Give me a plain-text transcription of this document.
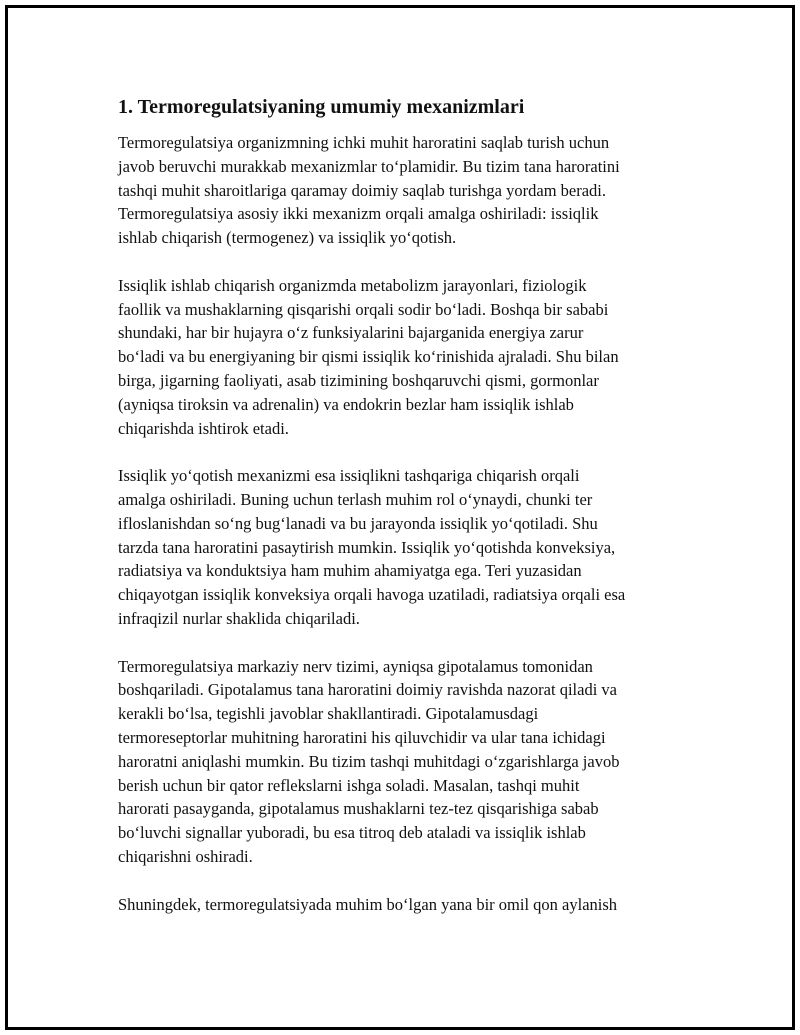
1. Termoregulatsiyaning umumiy mexanizmlari

Termoregulatsiya organizmning ichki muhit haroratini saqlab turish uchun
javob beruvchi murakkab mexanizmlar to‘plamidir. Bu tizim tana haroratini
tashqi muhit sharoitlariga qaramay doimiy saqlab turishga yordam beradi.
Termoregulatsiya asosiy ikki mexanizm orqali amalga oshiriladi: issiqlik
ishlab chiqarish (termogenez) va issiqlik yo‘qotish.

Issiqlik ishlab chiqarish organizmda metabolizm jarayonlari, fiziologik
faollik va mushaklarning qisqarishi orqali sodir bo‘ladi. Boshqa bir sababi
shundaki, har bir hujayra o‘z funksiyalarini bajarganida energiya zarur
bo‘ladi va bu energiyaning bir qismi issiqlik ko‘rinishida ajraladi. Shu bilan
birga, jigarning faoliyati, asab tizimining boshqaruvchi qismi, gormonlar
(ayniqsa tiroksin va adrenalin) va endokrin bezlar ham issiqlik ishlab
chiqarishda ishtirok etadi.

Issiqlik yo‘qotish mexanizmi esa issiqlikni tashqariga chiqarish orqali
amalga oshiriladi. Buning uchun terlash muhim rol o‘ynaydi, chunki ter
ifloslanishdan so‘ng bug‘lanadi va bu jarayonda issiqlik yo‘qotiladi. Shu
tarzda tana haroratini pasaytirish mumkin. Issiqlik yo‘qotishda konveksiya,
radiatsiya va konduktsiya ham muhim ahamiyatga ega. Teri yuzasidan
chiqayotgan issiqlik konveksiya orqali havoga uzatiladi, radiatsiya orqali esa
infraqizil nurlar shaklida chiqariladi.

Termoregulatsiya markaziy nerv tizimi, ayniqsa gipotalamus tomonidan
boshqariladi. Gipotalamus tana haroratini doimiy ravishda nazorat qiladi va
kerakli bo‘lsa, tegishli javoblar shakllantiradi. Gipotalamusdagi
termoreseptorlar muhitning haroratini his qiluvchidir va ular tana ichidagi
haroratni aniqlashi mumkin. Bu tizim tashqi muhitdagi o‘zgarishlarga javob
berish uchun bir qator reflekslarni ishga soladi. Masalan, tashqi muhit
harorati pasayganda, gipotalamus mushaklarni tez-tez qisqarishiga sabab
bo‘luvchi signallar yuboradi, bu esa titroq deb ataladi va issiqlik ishlab
chiqarishni oshiradi.

Shuningdek, termoregulatsiyada muhim bo‘lgan yana bir omil qon aylanish
